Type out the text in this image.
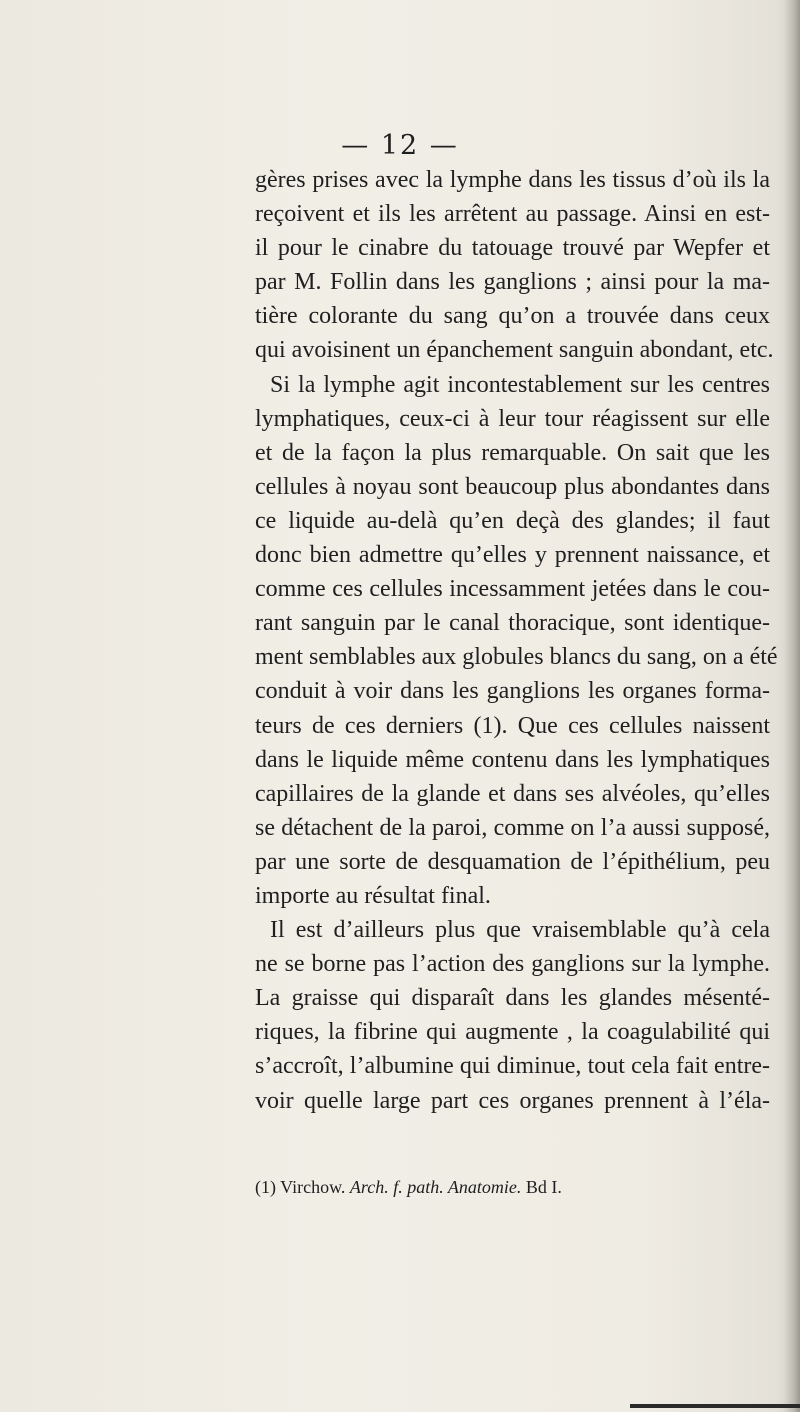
— 12 —
gères prises avec la lymphe dans les tissus d’où ils la
reçoivent et ils les arrêtent au passage. Ainsi en est-
il pour le cinabre du tatouage trouvé par Wepfer et
par M. Follin dans les ganglions ; ainsi pour la ma-
tière colorante du sang qu’on a trouvée dans ceux
qui avoisinent un épanchement sanguin abondant, etc.
Si la lymphe agit incontestablement sur les centres
lymphatiques, ceux-ci à leur tour réagissent sur elle
et de la façon la plus remarquable. On sait que les
cellules à noyau sont beaucoup plus abondantes dans
ce liquide au-delà qu’en deçà des glandes; il faut
donc bien admettre qu’elles y prennent naissance, et
comme ces cellules incessamment jetées dans le cou-
rant sanguin par le canal thoracique, sont identique-
ment semblables aux globules blancs du sang, on a été
conduit à voir dans les ganglions les organes forma-
teurs de ces derniers (1). Que ces cellules naissent
dans le liquide même contenu dans les lymphatiques
capillaires de la glande et dans ses alvéoles, qu’elles
se détachent de la paroi, comme on l’a aussi supposé,
par une sorte de desquamation de l’épithélium, peu
importe au résultat final.
Il est d’ailleurs plus que vraisemblable qu’à cela
ne se borne pas l’action des ganglions sur la lymphe.
La graisse qui disparaît dans les glandes mésenté-
riques, la fibrine qui augmente , la coagulabilité qui
s’accroît, l’albumine qui diminue, tout cela fait entre-
voir quelle large part ces organes prennent à l’éla-
(1) Virchow. Arch. f. path. Anatomie. Bd I.
